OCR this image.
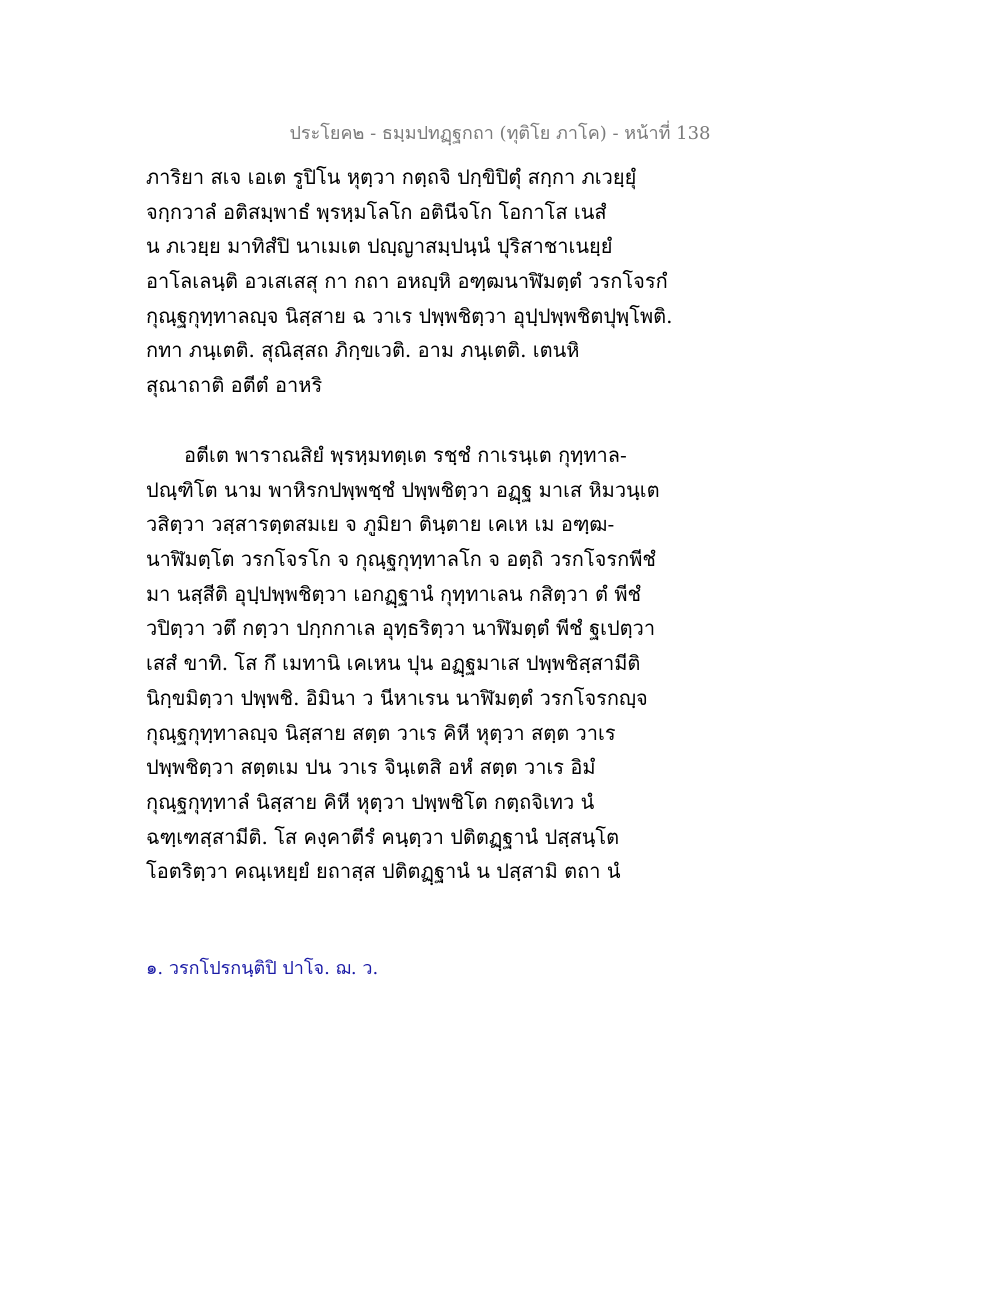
ประโยค๒ - ธมฺมปทฏฺฐกถา (ทุติโย ภาโค) - หน้าที่ 138
ภาริยา สเจ เอเต รูปิโน หุตฺวา กตฺถจิ ปกฺขิปิตุํ สกฺกา ภเวยฺยุํ
จกฺกวาลํ อติสมฺพาธํ พฺรหฺมโลโก อตินีจโก โอกาโส เนสํ
น ภเวยฺย มาทิสํปิ นาเมเต ปญฺญาสมฺปนฺนํ ปุริสาชาเนยฺยํ
อาโลเลนฺติ อวเสเสสุ กา กถา อหญฺหิ อฑฺฒนาฬิมตฺตํ วรกโจรกํ
กุณฺฐกุทฺทาลญฺจ นิสฺสาย ฉ วาเร ปพฺพชิตฺวา อุปฺปพฺพชิตปุพฺโพติ.
กทา ภนฺเตติ. สุณิสฺสถ ภิกฺขเวติ. อาม ภนฺเตติ. เตนหิ
สุณาถาติ อตีตํ อาหริ
อตีเต พาราณสิยํ พฺรหฺมทตฺเต รชฺชํ กาเรนฺเต กุทฺทาล-
ปณฺฑิโต นาม พาหิรกปพฺพชฺชํ ปพฺพชิตฺวา อฏฺฐ มาเส หิมวนฺเต
วสิตฺวา วสฺสารตฺตสมเย จ ภูมิยา ตินฺตาย เคเห เม อฑฺฒ-
นาฬิมตฺโต วรกโจรโก จ กุณฺฐกุทฺทาลโก จ อตฺถิ วรกโจรกพีชํ
มา นสฺสีติ อุปฺปพฺพชิตฺวา เอกฏฺฐานํ กุทฺทาเลน กสิตฺวา ตํ พีชํ
วปิตฺวา วตึ กตฺวา ปกฺกกาเล อุทฺธริตฺวา นาฬิมตฺตํ พีชํ ฐเปตฺวา
เสสํ ขาทิ. โส กึ เมทานิ เคเหน ปุน อฏฺฐมาเส ปพฺพชิสฺสามีติ
นิกฺขมิตฺวา ปพฺพชิ. อิมินา ว นีหาเรน นาฬิมตฺตํ วรกโจรกญฺจ
กุณฺฐกุทฺทาลญฺจ นิสฺสาย สตฺต วาเร คิหี หุตฺวา สตฺต วาเร
ปพฺพชิตฺวา สตฺตเม ปน วาเร จินฺเตสิ อหํ สตฺต วาเร อิมํ
กุณฺฐกุทฺทาลํ นิสฺสาย คิหี หุตฺวา ปพฺพชิโต กตฺถจิเทว นํ
ฉฑฺเฑสฺสามีติ. โส คงฺคาตีรํ คนฺตฺวา ปติตฏฺฐานํ ปสฺสนฺโต
โอตริตฺวา คณฺเหยฺยํ ยถาสฺส ปติตฏฺฐานํ น ปสฺสามิ ตถา นํ
๑. วรกโปรกนฺติปิ ปาโจ. ฌ. ว.
